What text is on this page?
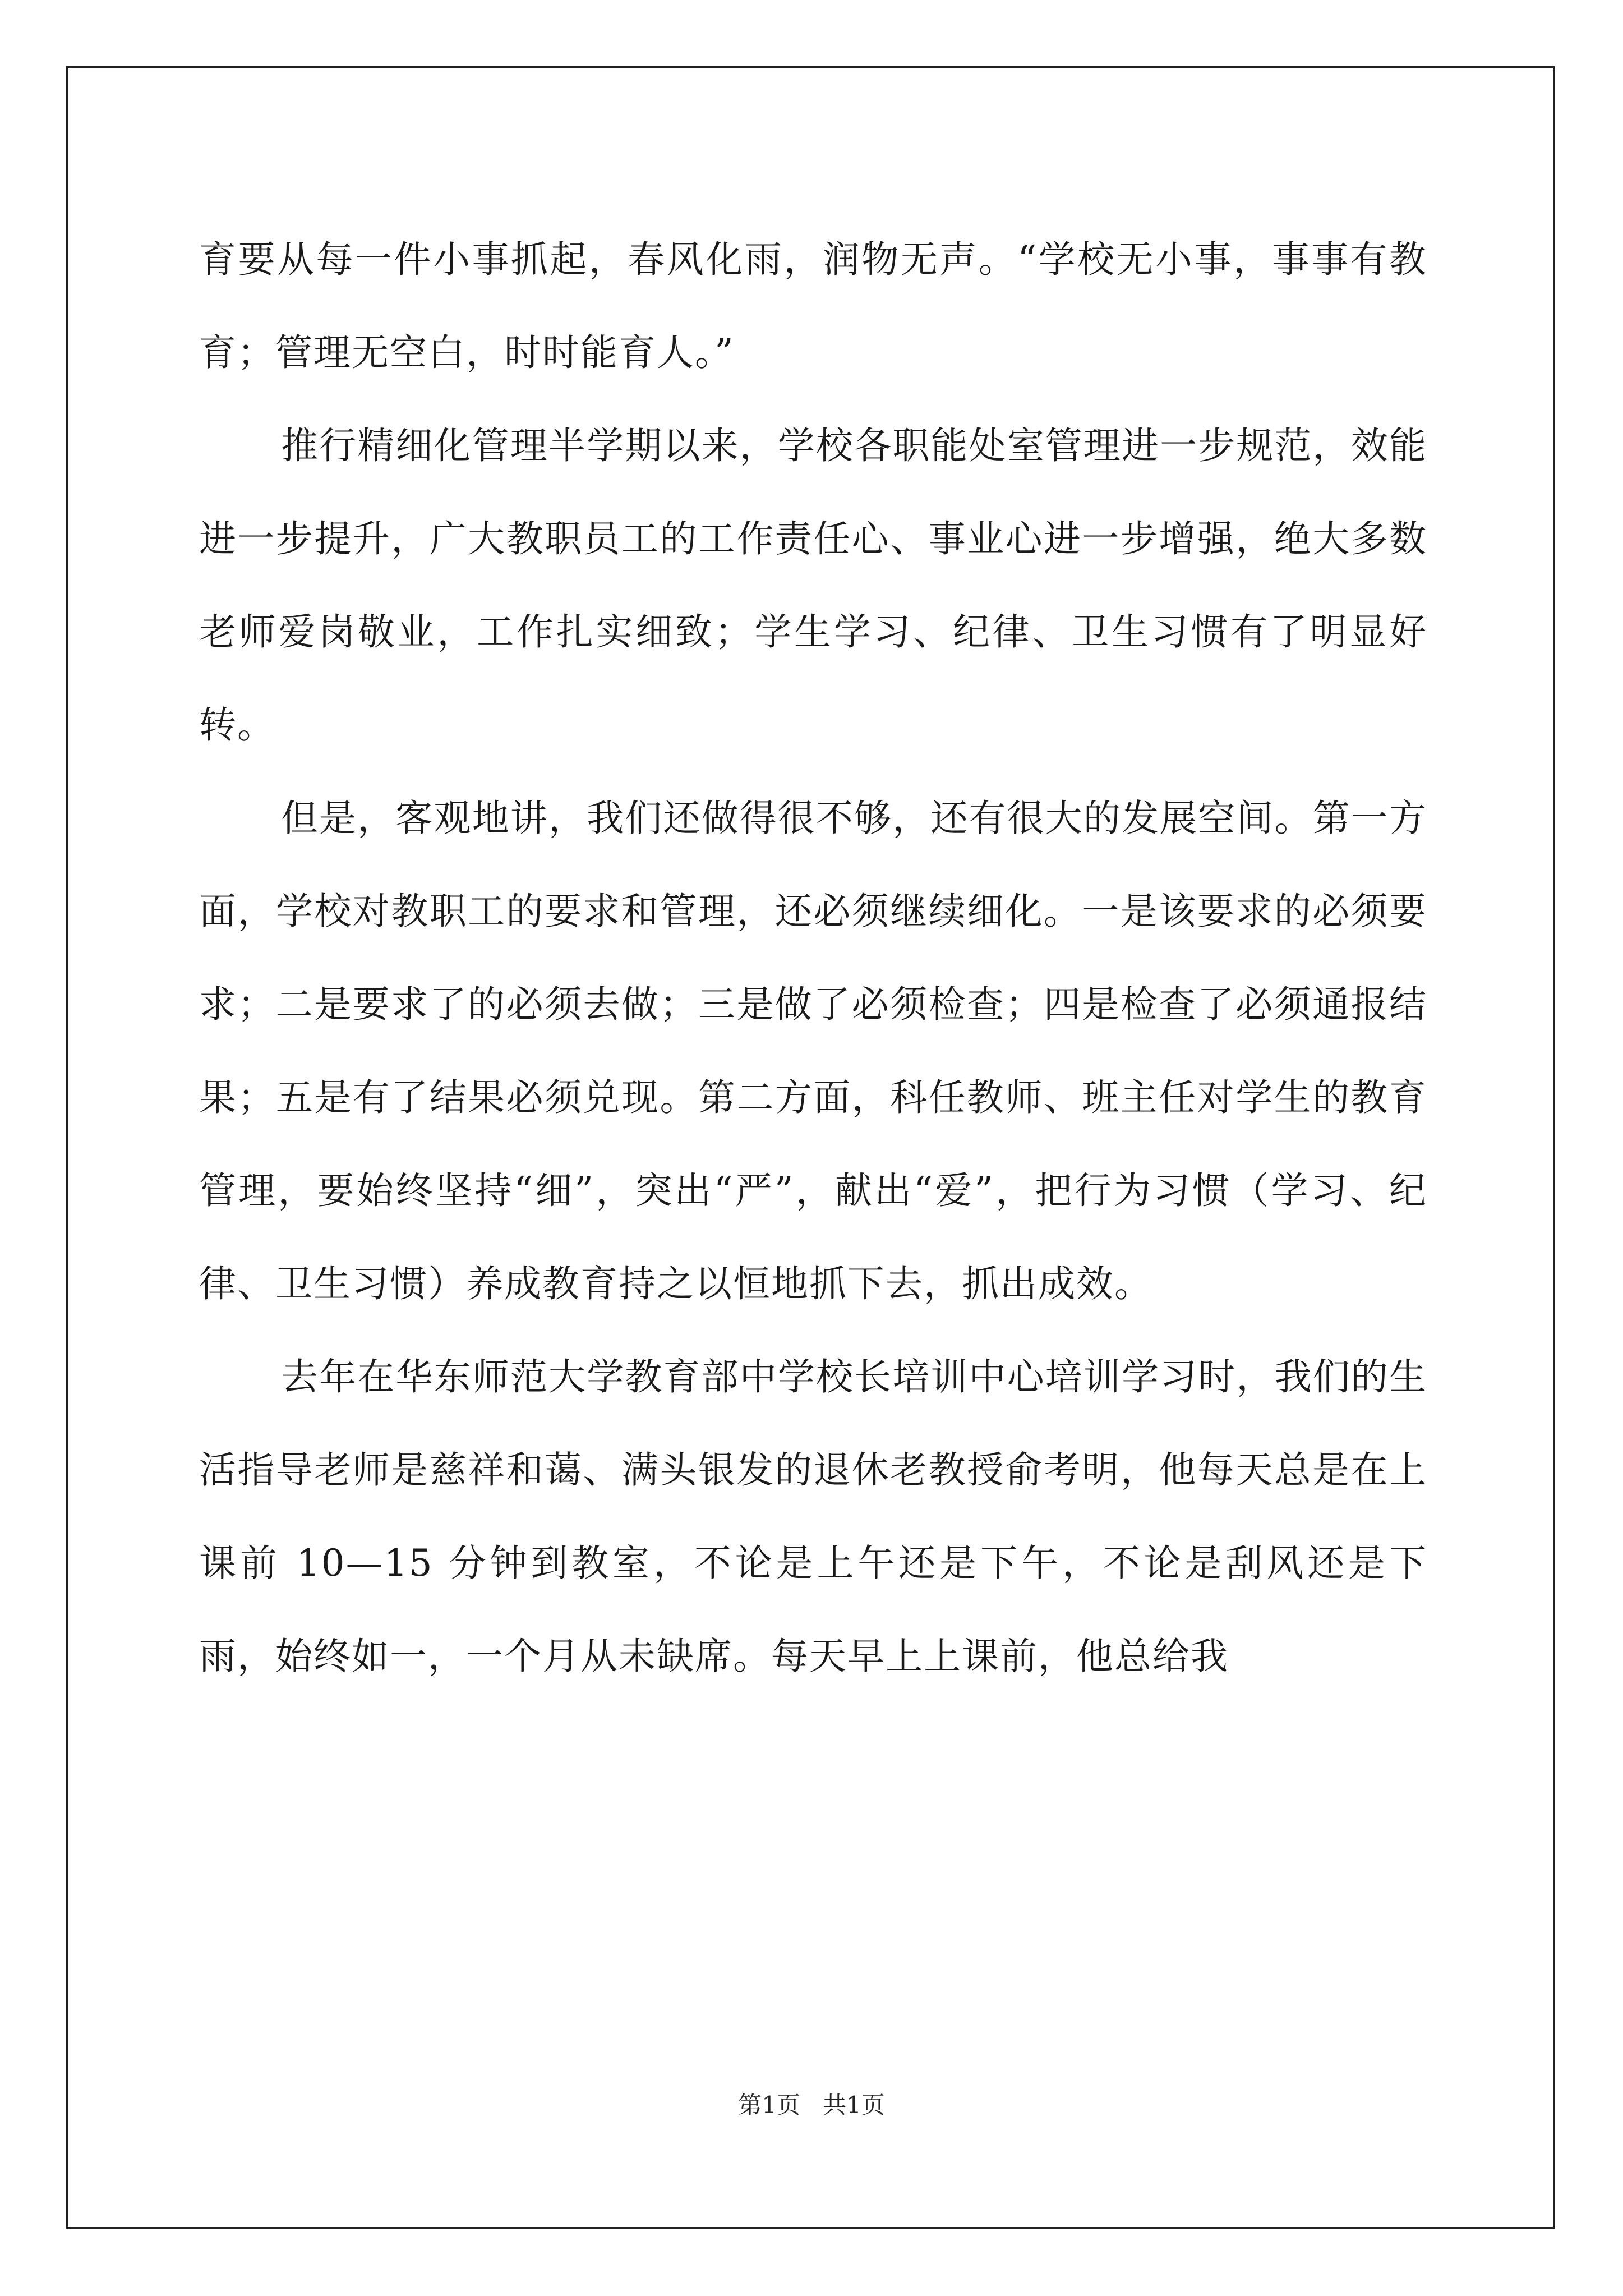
育要从每一件小事抓起，春风化雨，润物无声。“学校无小事，事事有教育；管理无空白，时时能育人。”

推行精细化管理半学期以来，学校各职能处室管理进一步规范，效能进一步提升，广大教职员工的工作责任心、事业心进一步增强，绝大多数老师爱岗敬业，工作扎实细致；学生学习、纪律、卫生习惯有了明显好转。

但是，客观地讲，我们还做得很不够，还有很大的发展空间。第一方面，学校对教职工的要求和管理，还必须继续细化。一是该要求的必须要求；二是要求了的必须去做；三是做了必须检查；四是检查了必须通报结果；五是有了结果必须兑现。第二方面，科任教师、班主任对学生的教育管理，要始终坚持“细”，突出“严”，献出“爱”，把行为习惯（学习、纪律、卫生习惯）养成教育持之以恒地抓下去，抓出成效。

去年在华东师范大学教育部中学校长培训中心培训学习时，我们的生活指导老师是慈祥和蔼、满头银发的退休老教授俞考明，他每天总是在上课前 10—15 分钟到教室，不论是上午还是下午，不论是刮风还是下雨，始终如一，一个月从未缺席。每天早上上课前，他总给我

第1页 共1页
